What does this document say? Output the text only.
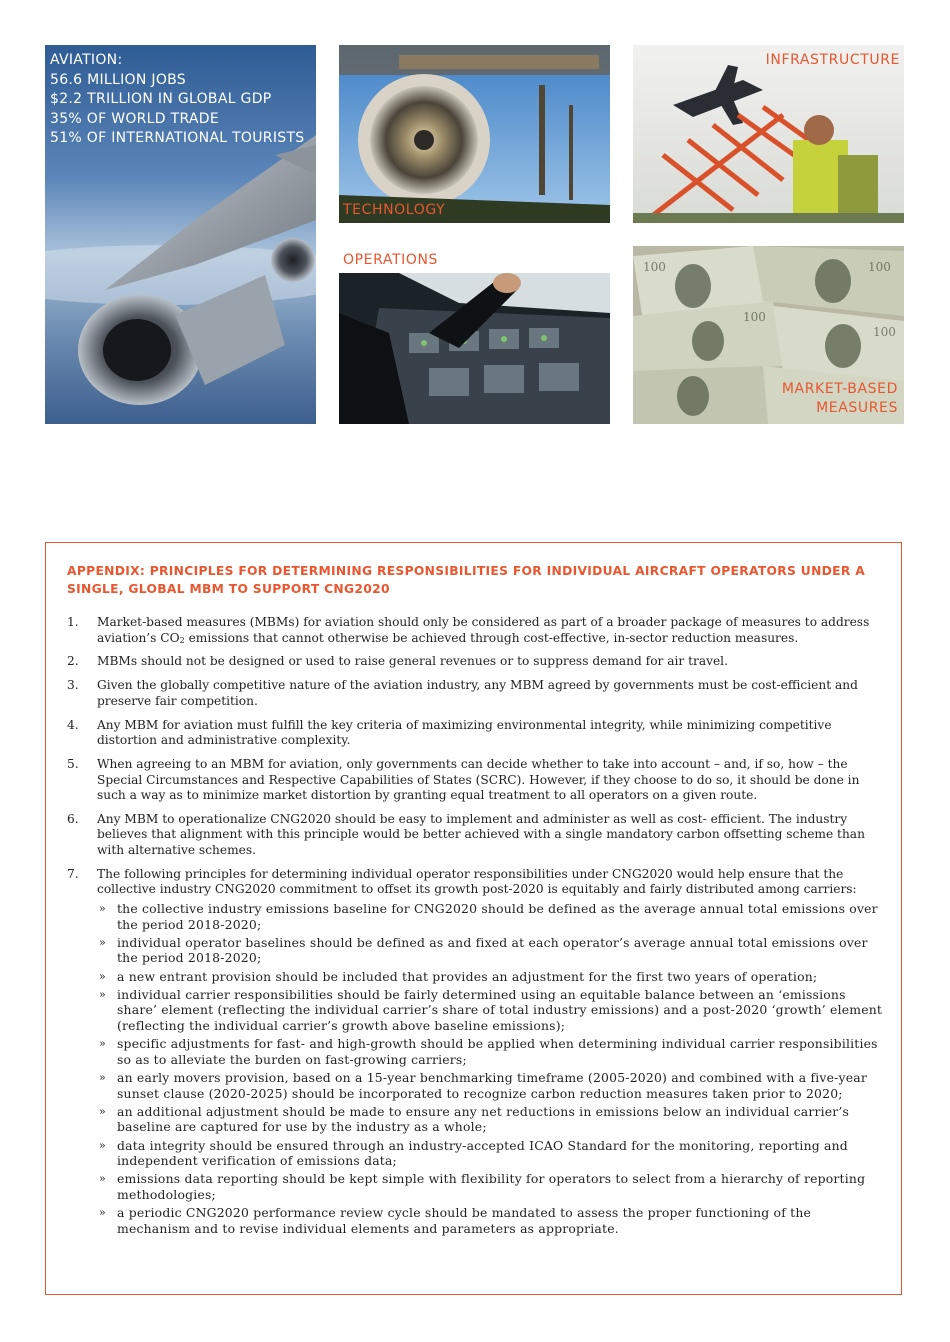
AVIATION:
56.6 MILLION JOBS
$2.2 TRILLION IN GLOBAL GDP
35% OF WORLD TRADE
51% OF INTERNATIONAL TOURISTS
TECHNOLOGY
INFRASTRUCTURE
OPERATIONS	100	100
100
100
MARKET-BASED
MEASURES
APPENDIX: PRINCIPLES FOR DETERMINING RESPONSIBILITIES FOR INDIVIDUAL AIRCRAFT OPERATORS UNDER A SINGLE, GLOBAL MBM TO SUPPORT CNG2020
1. Market-based measures (MBMs) for aviation should only be considered as part of a broader package of measures to address aviation’s $CO_2$ emissions that cannot otherwise be achieved through cost-effective, in-sector reduction measures.
2. MBMs should not be designed or used to raise general revenues or to suppress demand for air travel.
3. Given the globally competitive nature of the aviation industry, any MBM agreed by governments must be cost-efficient and preserve fair competition.
4. Any MBM for aviation must fulfill the key criteria of maximizing environmental integrity, while minimizing competitive distortion and administrative complexity.
5. When agreeing to an MBM for aviation, only governments can decide whether to take into account – and, if so, how – the Special Circumstances and Respective Capabilities of States (SCRC). However, if they choose to do so, it should be done in such a way as to minimize market distortion by granting equal treatment to all operators on a given route.
6. Any MBM to operationalize CNG2020 should be easy to implement and administer as well as cost- efficient. The industry believes that alignment with this principle would be better achieved with a single mandatory carbon offsetting scheme than with alternative schemes.
7. The following principles for determining individual operator responsibilities under CNG2020 would help ensure that the collective industry CNG2020 commitment to offset its growth post-2020 is equitably and fairly distributed among carriers:
» the collective industry emissions baseline for CNG2020 should be defined as the average annual total emissions over the period 2018-2020;
» individual operator baselines should be defined as and fixed at each operator’s average annual total emissions over the period 2018-2020;
» a new entrant provision should be included that provides an adjustment for the first two years of operation;
» individual carrier responsibilities should be fairly determined using an equitable balance between an ‘emissions share’ element (reflecting the individual carrier’s share of total industry emissions) and a post-2020 ‘growth’ element (reflecting the individual carrier’s growth above baseline emissions);
» specific adjustments for fast- and high-growth should be applied when determining individual carrier responsibilities so as to alleviate the burden on fast-growing carriers;
» an early movers provision, based on a 15-year benchmarking timeframe (2005-2020) and combined with a five-year sunset clause (2020-2025) should be incorporated to recognize carbon reduction measures taken prior to 2020;
» an additional adjustment should be made to ensure any net reductions in emissions below an individual carrier’s baseline are captured for use by the industry as a whole;
» data integrity should be ensured through an industry-accepted ICAO Standard for the monitoring, reporting and independent verification of emissions data;
» emissions data reporting should be kept simple with flexibility for operators to select from a hierarchy of reporting methodologies;
» a periodic CNG2020 performance review cycle should be mandated to assess the proper functioning of the mechanism and to revise individual elements and parameters as appropriate.
